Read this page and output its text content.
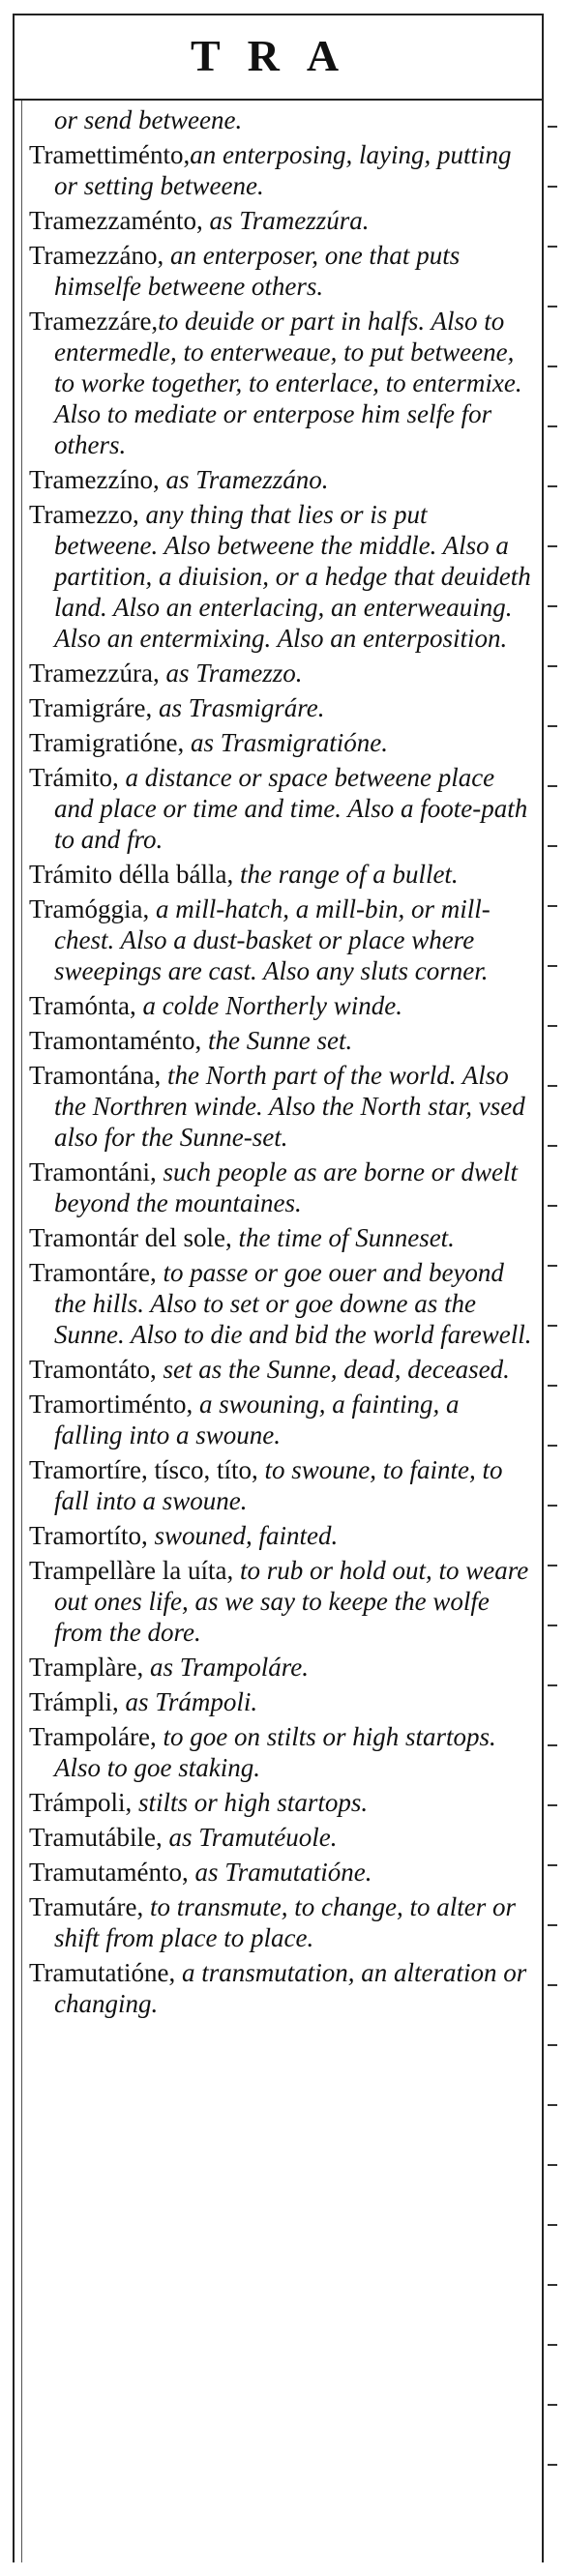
TRA
or send betweene.
Tramettiménto,an enterposing, laying, putting or setting betweene.
Tramezzaménto, as Tramezzúra.
Tramezzáno, an enterposer, one that puts himselfe betweene others.
Tramezzáre,to deuide or part in halfs. Also to entermedle, to enterweaue, to put betweene, to worke together, to enterlace, to entermixe. Also to mediate or enterpose him selfe for others.
Tramezzíno, as Tramezzáno.
Tramezzo, any thing that lies or is put betweene. Also betweene the middle. Also a partition, a diuision, or a hedge that deuideth land. Also an enterlacing, an enterweauing. Also an entermixing. Also an enterposition.
Tramezzúra, as Tramezzo.
Tramigráre, as Trasmigráre.
Tramigratióne, as Trasmigratióne.
Trámito, a distance or space betweene place and place or time and time. Also a foote-path to and fro.
Trámito délla bálla, the range of a bullet.
Tramóggia, a mill-hatch, a mill-bin, or mill-chest. Also a dust-basket or place where sweepings are cast. Also any sluts corner.
Tramónta, a colde Northerly winde.
Tramontaménto, the Sunne set.
Tramontána, the North part of the world. Also the Northren winde. Also the North star, vsed also for the Sunne-set.
Tramontáni, such people as are borne or dwelt beyond the mountaines.
Tramontár del sole, the time of Sunneset.
Tramontáre, to passe or goe ouer and beyond the hills. Also to set or goe downe as the Sunne. Also to die and bid the world farewell.
Tramontáto, set as the Sunne, dead, deceased.
Tramortiménto, a swouning, a fainting, a falling into a swoune.
Tramortíre, tísco, títo, to swoune, to fainte, to fall into a swoune.
Tramortíto, swouned, fainted.
Trampellàre la uíta, to rub or hold out, to weare out ones life, as we say to keepe the wolfe from the dore.
Tramplàre, as Trampoláre.
Trámpli, as Trámpoli.
Trampoláre, to goe on stilts or high startops. Also to goe staking.
Trámpoli, stilts or high startops.
Tramutábile, as Tramutéuole.
Tramutaménto, as Tramutatióne.
Tramutáre, to transmute, to change, to alter or shift from place to place.
Tramutatióne, a transmutation, an alteration or changing.
